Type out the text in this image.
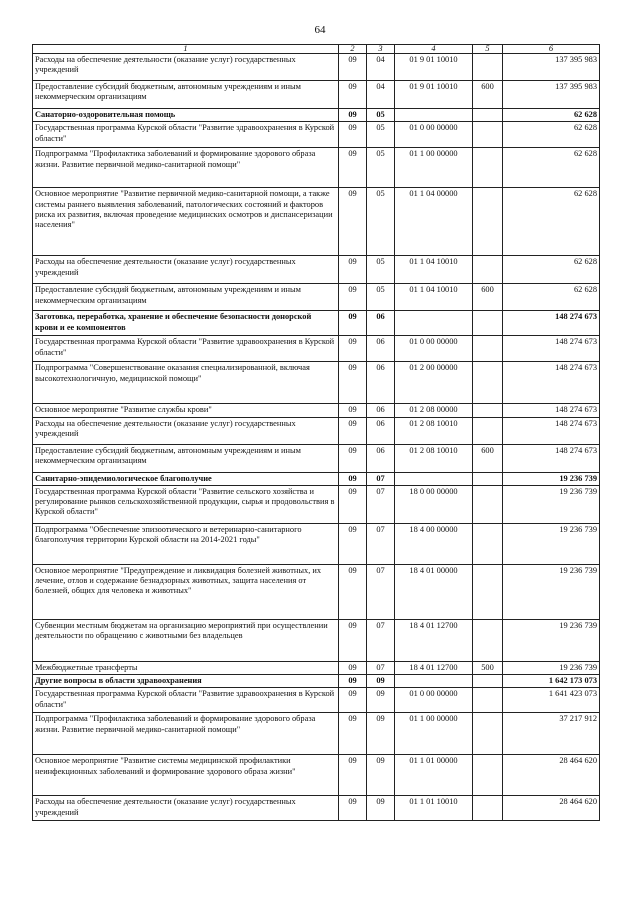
64
1	2	3	4	5	6
Расходы на обеспечение деятельности (оказание услуг) государственных учреждений	09	04	01 9 01 10010		137 395 983
Предоставление субсидий бюджетным, автономным учреждениям и иным некоммерческим организациям	09	04	01 9 01 10010	600	137 395 983
Санаторно-оздоровительная помощь	09	05			62 628
Государственная программа Курской области "Развитие здравоохранения в Курской области"	09	05	01 0 00 00000		62 628
Подпрограмма "Профилактика заболеваний и формирование здорового образа жизни. Развитие первичной медико-санитарной помощи"	09	05	01 1 00 00000		62 628
Основное мероприятие "Развитие первичной медико-санитарной помощи, а также системы раннего выявления заболеваний, патологических состояний и факторов риска их развития, включая проведение медицинских осмотров и диспансеризации населения"	09	05	01 1 04 00000		62 628
Расходы на обеспечение деятельности (оказание услуг) государственных учреждений	09	05	01 1 04 10010		62 628
Предоставление субсидий бюджетным, автономным учреждениям и иным некоммерческим организациям	09	05	01 1 04 10010	600	62 628
Заготовка, переработка, хранение и обеспечение безопасности донорской крови и ее компонентов	09	06			148 274 673
Государственная программа Курской области "Развитие здравоохранения в Курской области"	09	06	01 0 00 00000		148 274 673
Подпрограмма "Совершенствование оказания специализированной, включая высокотехнологичную, медицинской помощи"	09	06	01 2 00 00000		148 274 673
Основное мероприятие "Развитие службы крови"	09	06	01 2 08 00000		148 274 673
Расходы на обеспечение деятельности (оказание услуг) государственных учреждений	09	06	01 2 08 10010		148 274 673
Предоставление субсидий бюджетным, автономным учреждениям и иным некоммерческим организациям	09	06	01 2 08 10010	600	148 274 673
Санитарно-эпидемиологическое благополучие	09	07			19 236 739
Государственная программа Курской области "Развитие сельского хозяйства и регулирование рынков сельскохозяйственной продукции, сырья и продовольствия в Курской области"	09	07	18 0 00 00000		19 236 739
Подпрограмма "Обеспечение эпизоотического и ветеринарно-санитарного благополучия территории Курской области на 2014-2021 годы"	09	07	18 4 00 00000		19 236 739
Основное мероприятие "Предупреждение и ликвидация болезней животных, их лечение, отлов и содержание безнадзорных животных, защита населения от болезней, общих для человека и животных"	09	07	18 4 01 00000		19 236 739
Субвенции местным бюджетам на организацию мероприятий при осуществлении деятельности по обращению с животными без владельцев	09	07	18 4 01 12700		19 236 739
Межбюджетные трансферты	09	07	18 4 01 12700	500	19 236 739
Другие вопросы в области здравоохранения	09	09			1 642 173 073
Государственная программа Курской области "Развитие здравоохранения в Курской области"	09	09	01 0 00 00000		1 641 423 073
Подпрограмма "Профилактика заболеваний и формирование здорового образа жизни. Развитие первичной медико-санитарной помощи"	09	09	01 1 00 00000		37 217 912
Основное мероприятие "Развитие системы медицинской профилактики неинфекционных заболеваний и формирование здорового образа жизни"	09	09	01 1 01 00000		28 464 620
Расходы на обеспечение деятельности (оказание услуг) государственных учреждений	09	09	01 1 01 10010		28 464 620
